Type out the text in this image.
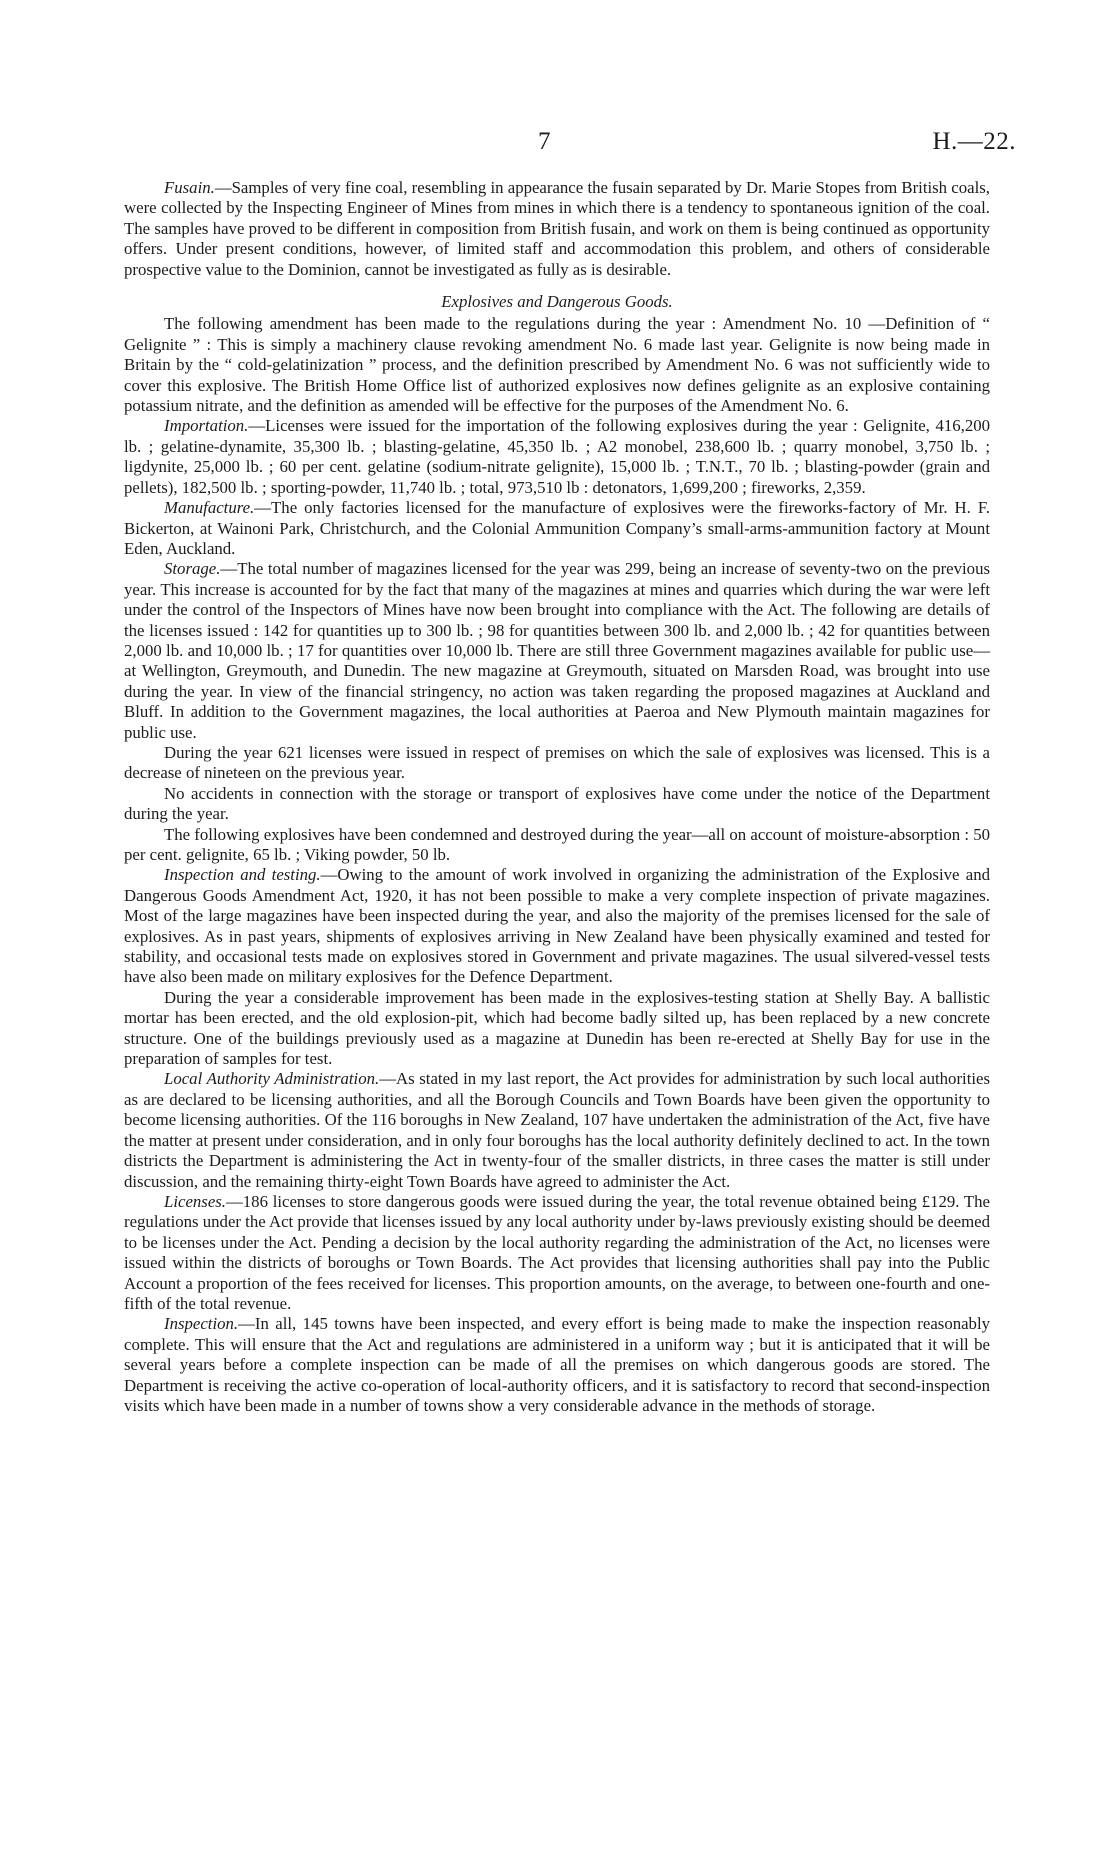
7	H.—22.

Fusain.—Samples of very fine coal, resembling in appearance the fusain separated by Dr. Marie Stopes from British coals, were collected by the Inspecting Engineer of Mines from mines in which there is a tendency to spontaneous ignition of the coal. The samples have proved to be different in composition from British fusain, and work on them is being continued as opportunity offers. Under present conditions, however, of limited staff and accommodation this problem, and others of considerable prospective value to the Dominion, cannot be investigated as fully as is desirable.

Explosives and Dangerous Goods.

The following amendment has been made to the regulations during the year : Amendment No. 10 —Definition of “ Gelignite ” : This is simply a machinery clause revoking amendment No. 6 made last year. Gelignite is now being made in Britain by the “ cold-gelatinization ” process, and the definition prescribed by Amendment No. 6 was not sufficiently wide to cover this explosive. The British Home Office list of authorized explosives now defines gelignite as an explosive containing potassium nitrate, and the definition as amended will be effective for the purposes of the Amendment No. 6.

Importation.—Licenses were issued for the importation of the following explosives during the year : Gelignite, 416,200 lb. ; gelatine-dynamite, 35,300 lb. ; blasting-gelatine, 45,350 lb. ; A2 monobel, 238,600 lb. ; quarry monobel, 3,750 lb. ; ligdynite, 25,000 lb. ; 60 per cent. gelatine (sodium-nitrate gelignite), 15,000 lb. ; T.N.T., 70 lb. ; blasting-powder (grain and pellets), 182,500 lb. ; sporting-powder, 11,740 lb. ; total, 973,510 lb : detonators, 1,699,200 ; fireworks, 2,359.

Manufacture.—The only factories licensed for the manufacture of explosives were the fireworks-factory of Mr. H. F. Bickerton, at Wainoni Park, Christchurch, and the Colonial Ammunition Company’s small-arms-ammunition factory at Mount Eden, Auckland.

Storage.—The total number of magazines licensed for the year was 299, being an increase of seventy-two on the previous year. This increase is accounted for by the fact that many of the magazines at mines and quarries which during the war were left under the control of the Inspectors of Mines have now been brought into compliance with the Act. The following are details of the licenses issued : 142 for quantities up to 300 lb. ; 98 for quantities between 300 lb. and 2,000 lb. ; 42 for quantities between 2,000 lb. and 10,000 lb. ; 17 for quantities over 10,000 lb. There are still three Government magazines available for public use—at Wellington, Greymouth, and Dunedin. The new magazine at Greymouth, situated on Marsden Road, was brought into use during the year. In view of the financial stringency, no action was taken regarding the proposed magazines at Auckland and Bluff. In addition to the Government magazines, the local authorities at Paeroa and New Plymouth maintain magazines for public use.

During the year 621 licenses were issued in respect of premises on which the sale of explosives was licensed. This is a decrease of nineteen on the previous year.

No accidents in connection with the storage or transport of explosives have come under the notice of the Department during the year.

The following explosives have been condemned and destroyed during the year—all on account of moisture-absorption : 50 per cent. gelignite, 65 lb. ; Viking powder, 50 lb.

Inspection and testing.—Owing to the amount of work involved in organizing the administration of the Explosive and Dangerous Goods Amendment Act, 1920, it has not been possible to make a very complete inspection of private magazines. Most of the large magazines have been inspected during the year, and also the majority of the premises licensed for the sale of explosives. As in past years, shipments of explosives arriving in New Zealand have been physically examined and tested for stability, and occasional tests made on explosives stored in Government and private magazines. The usual silvered-vessel tests have also been made on military explosives for the Defence Department.

During the year a considerable improvement has been made in the explosives-testing station at Shelly Bay. A ballistic mortar has been erected, and the old explosion-pit, which had become badly silted up, has been replaced by a new concrete structure. One of the buildings previously used as a magazine at Dunedin has been re-erected at Shelly Bay for use in the preparation of samples for test.

Local Authority Administration.—As stated in my last report, the Act provides for administration by such local authorities as are declared to be licensing authorities, and all the Borough Councils and Town Boards have been given the opportunity to become licensing authorities. Of the 116 boroughs in New Zealand, 107 have undertaken the administration of the Act, five have the matter at present under consideration, and in only four boroughs has the local authority definitely declined to act. In the town districts the Department is administering the Act in twenty-four of the smaller districts, in three cases the matter is still under discussion, and the remaining thirty-eight Town Boards have agreed to administer the Act.

Licenses.—186 licenses to store dangerous goods were issued during the year, the total revenue obtained being £129. The regulations under the Act provide that licenses issued by any local authority under by-laws previously existing should be deemed to be licenses under the Act. Pending a decision by the local authority regarding the administration of the Act, no licenses were issued within the districts of boroughs or Town Boards. The Act provides that licensing authorities shall pay into the Public Account a proportion of the fees received for licenses. This proportion amounts, on the average, to between one-fourth and one-fifth of the total revenue.

Inspection.—In all, 145 towns have been inspected, and every effort is being made to make the inspection reasonably complete. This will ensure that the Act and regulations are administered in a uniform way ; but it is anticipated that it will be several years before a complete inspection can be made of all the premises on which dangerous goods are stored. The Department is receiving the active co-operation of local-authority officers, and it is satisfactory to record that second-inspection visits which have been made in a number of towns show a very considerable advance in the methods of storage.
